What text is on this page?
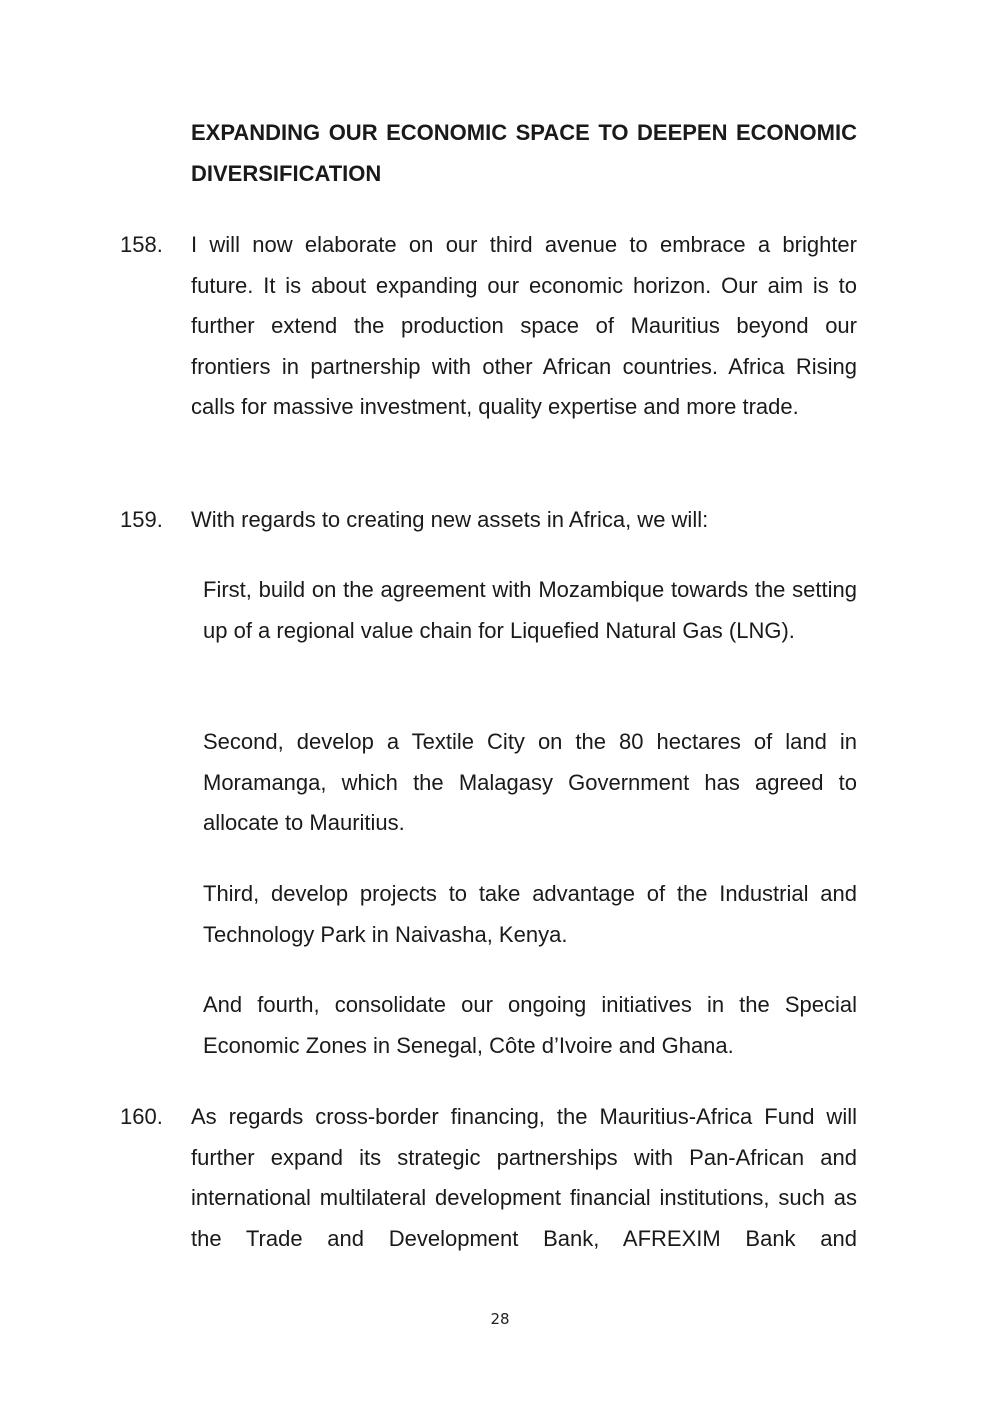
EXPANDING OUR ECONOMIC SPACE TO DEEPEN ECONOMIC DIVERSIFICATION
158. I will now elaborate on our third avenue to embrace a brighter future. It is about expanding our economic horizon. Our aim is to further extend the production space of Mauritius beyond our frontiers in partnership with other African countries. Africa Rising calls for massive investment, quality expertise and more trade.

159. With regards to creating new assets in Africa, we will:

First, build on the agreement with Mozambique towards the setting up of a regional value chain for Liquefied Natural Gas (LNG).

Second, develop a Textile City on the 80 hectares of land in Moramanga, which the Malagasy Government has agreed to allocate to Mauritius.

Third, develop projects to take advantage of the Industrial and Technology Park in Naivasha, Kenya.

And fourth, consolidate our ongoing initiatives in the Special Economic Zones in Senegal, Côte d’Ivoire and Ghana.

160. As regards cross-border financing, the Mauritius-Africa Fund will further expand its strategic partnerships with Pan-African and international multilateral development financial institutions, such as the Trade and Development Bank, AFREXIM Bank and

28
